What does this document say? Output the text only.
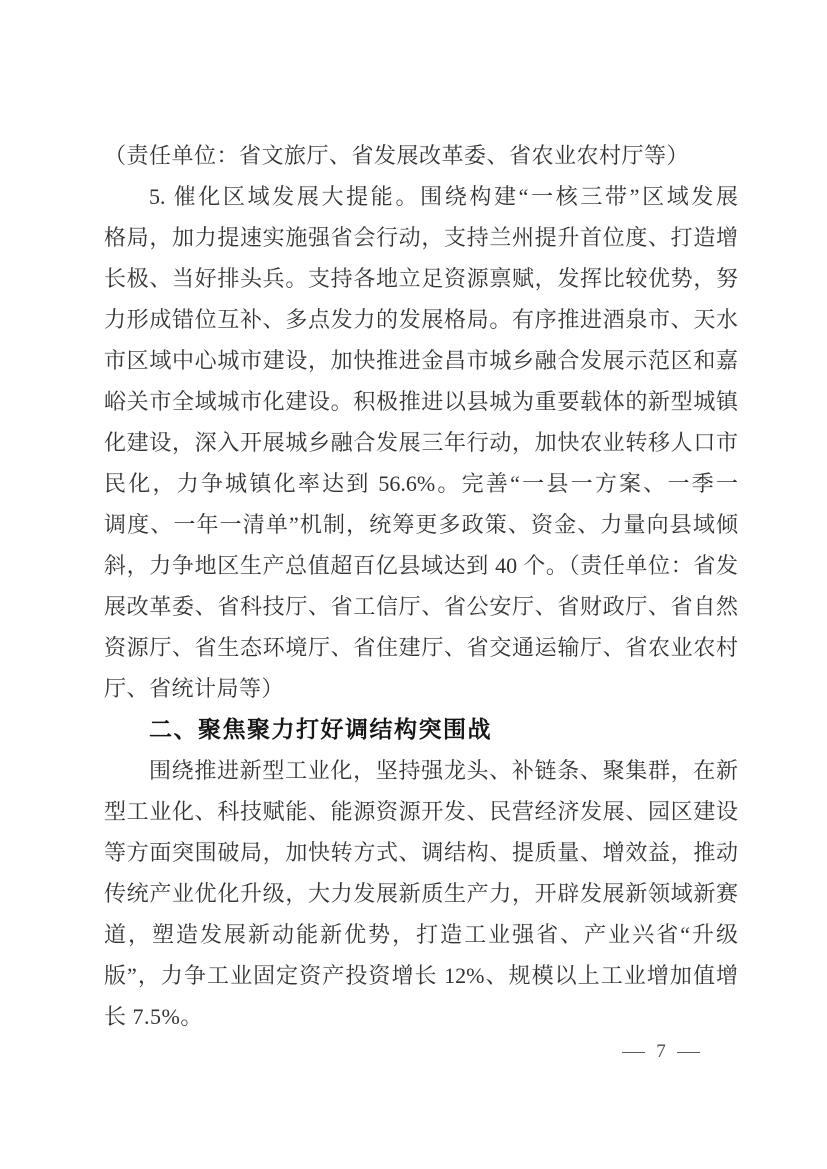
（责任单位：省文旅厅、省发展改革委、省农业农村厅等）
5. 催化区域发展大提能。围绕构建“一核三带”区域发展
格局，加力提速实施强省会行动，支持兰州提升首位度、打造增
长极、当好排头兵。支持各地立足资源禀赋，发挥比较优势，努
力形成错位互补、多点发力的发展格局。有序推进酒泉市、天水
市区域中心城市建设，加快推进金昌市城乡融合发展示范区和嘉
峪关市全域城市化建设。积极推进以县城为重要载体的新型城镇
化建设，深入开展城乡融合发展三年行动，加快农业转移人口市
民化，力争城镇化率达到 56.6%。完善“一县一方案、一季一
调度、一年一清单”机制，统筹更多政策、资金、力量向县域倾
斜，力争地区生产总值超百亿县域达到 40 个。（责任单位：省发
展改革委、省科技厅、省工信厅、省公安厅、省财政厅、省自然
资源厅、省生态环境厅、省住建厅、省交通运输厅、省农业农村
厅、省统计局等）
二、聚焦聚力打好调结构突围战
围绕推进新型工业化，坚持强龙头、补链条、聚集群，在新
型工业化、科技赋能、能源资源开发、民营经济发展、园区建设
等方面突围破局，加快转方式、调结构、提质量、增效益，推动
传统产业优化升级，大力发展新质生产力，开辟发展新领域新赛
道，塑造发展新动能新优势，打造工业强省、产业兴省“升级
版”，力争工业固定资产投资增长 12%、规模以上工业增加值增
长 7.5%。
— 7 —
